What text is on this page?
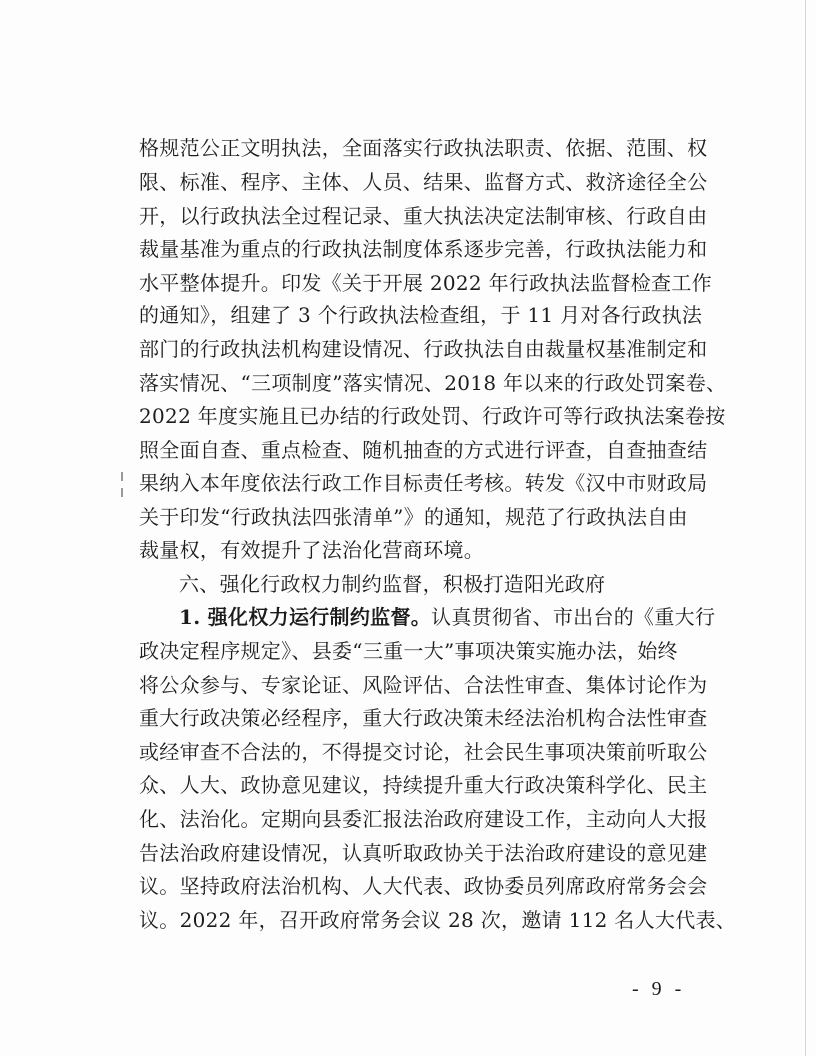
格规范公正文明执法，全面落实行政执法职责、依据、范围、权
限、标准、程序、主体、人员、结果、监督方式、救济途径全公
开，以行政执法全过程记录、重大执法决定法制审核、行政自由
裁量基准为重点的行政执法制度体系逐步完善，行政执法能力和
水平整体提升。印发《关于开展 2022 年行政执法监督检查工作
的通知》，组建了 3 个行政执法检查组，于 11 月对各行政执法
部门的行政执法机构建设情况、行政执法自由裁量权基准制定和
落实情况、“三项制度”落实情况、2018 年以来的行政处罚案卷、
2022 年度实施且已办结的行政处罚、行政许可等行政执法案卷按
照全面自查、重点检查、随机抽查的方式进行评查，自查抽查结
果纳入本年度依法行政工作目标责任考核。转发《汉中市财政局
关于印发“行政执法四张清单”》的通知，规范了行政执法自由
裁量权，有效提升了法治化营商环境。
六、强化行政权力制约监督，积极打造阳光政府
1. 强化权力运行制约监督。认真贯彻省、市出台的《重大行
政决定程序规定》、县委“三重一大”事项决策实施办法，始终
将公众参与、专家论证、风险评估、合法性审查、集体讨论作为
重大行政决策必经程序，重大行政决策未经法治机构合法性审查
或经审查不合法的，不得提交讨论，社会民生事项决策前听取公
众、人大、政协意见建议，持续提升重大行政决策科学化、民主
化、法治化。定期向县委汇报法治政府建设工作，主动向人大报
告法治政府建设情况，认真听取政协关于法治政府建设的意见建
议。坚持政府法治机构、人大代表、政协委员列席政府常务会会
议。2022 年，召开政府常务会议 28 次，邀请 112 名人大代表、
- 9 -
